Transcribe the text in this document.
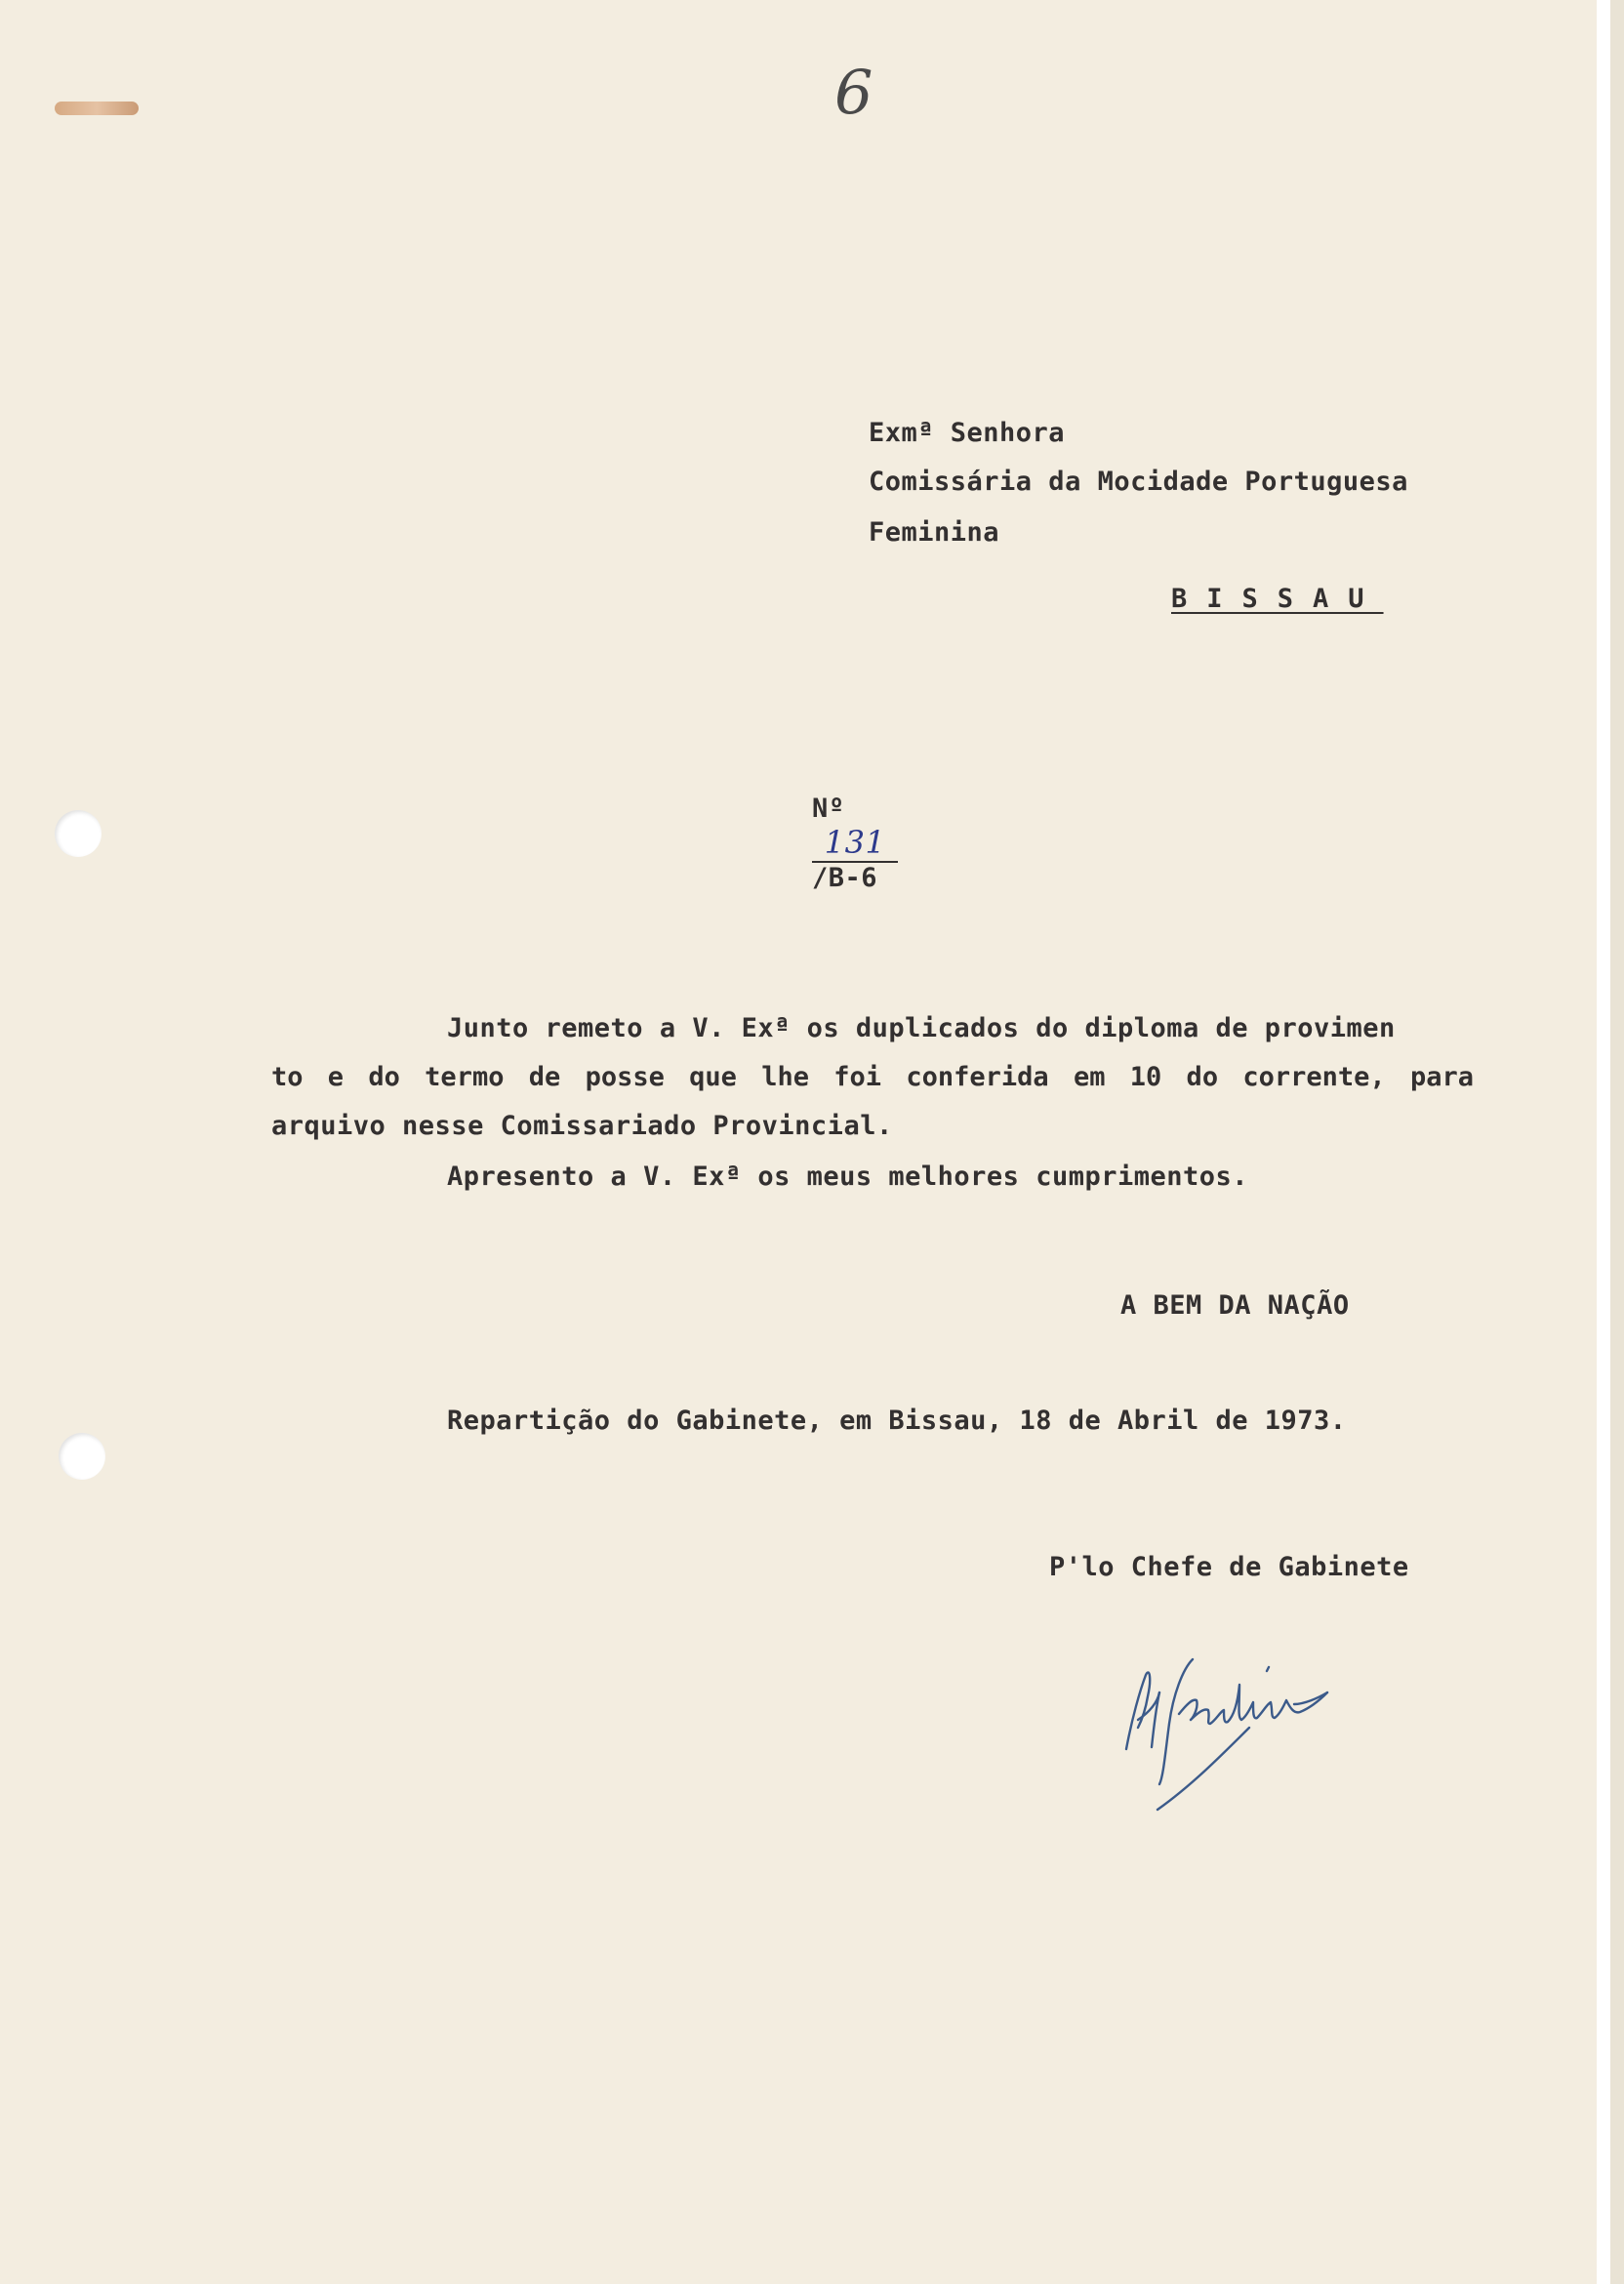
6

Exmª Senhora

Comissária da Mocidade Portuguesa

Feminina

BISSAU

Nº
131
/B-6

Junto remeto a V. Exª os duplicados do diploma de provimen

to e do termo de posse que lhe foi conferida em 10 do corrente, para

arquivo nesse Comissariado Provincial.

Apresento a V. Exª os meus melhores cumprimentos.

A BEM DA NAÇÃO

Repartição do Gabinete, em Bissau, 18 de Abril de 1973.

P'lo Chefe de Gabinete
